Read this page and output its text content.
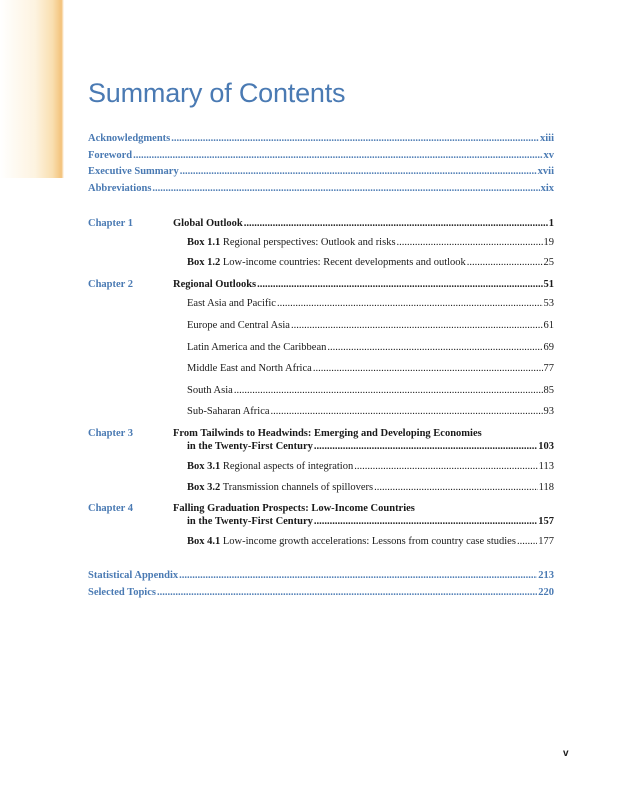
Summary of Contents
Acknowledgments .....	xiii
Foreword .....	xv
Executive Summary .....	xvii
Abbreviations .....	xix
Chapter 1	Global Outlook .....	1
Box 1.1 Regional perspectives: Outlook and risks .....	19
Box 1.2 Low-income countries: Recent developments and outlook .....	25
Chapter 2	Regional Outlooks .....	51
East Asia and Pacific .....	53
Europe and Central Asia .....	61
Latin America and the Caribbean .....	69
Middle East and North Africa .....	77
South Asia .....	85
Sub-Saharan Africa .....	93
Chapter 3	From Tailwinds to Headwinds: Emerging and Developing Economies
in the Twenty-First Century .....	103
Box 3.1 Regional aspects of integration .....	113
Box 3.2 Transmission channels of spillovers .....	118
Chapter 4	Falling Graduation Prospects: Low-Income Countries
in the Twenty-First Century .....	157
Box 4.1 Low-income growth accelerations: Lessons from country case studies ..... 177
Statistical Appendix .....	213
Selected Topics .....	220
v
